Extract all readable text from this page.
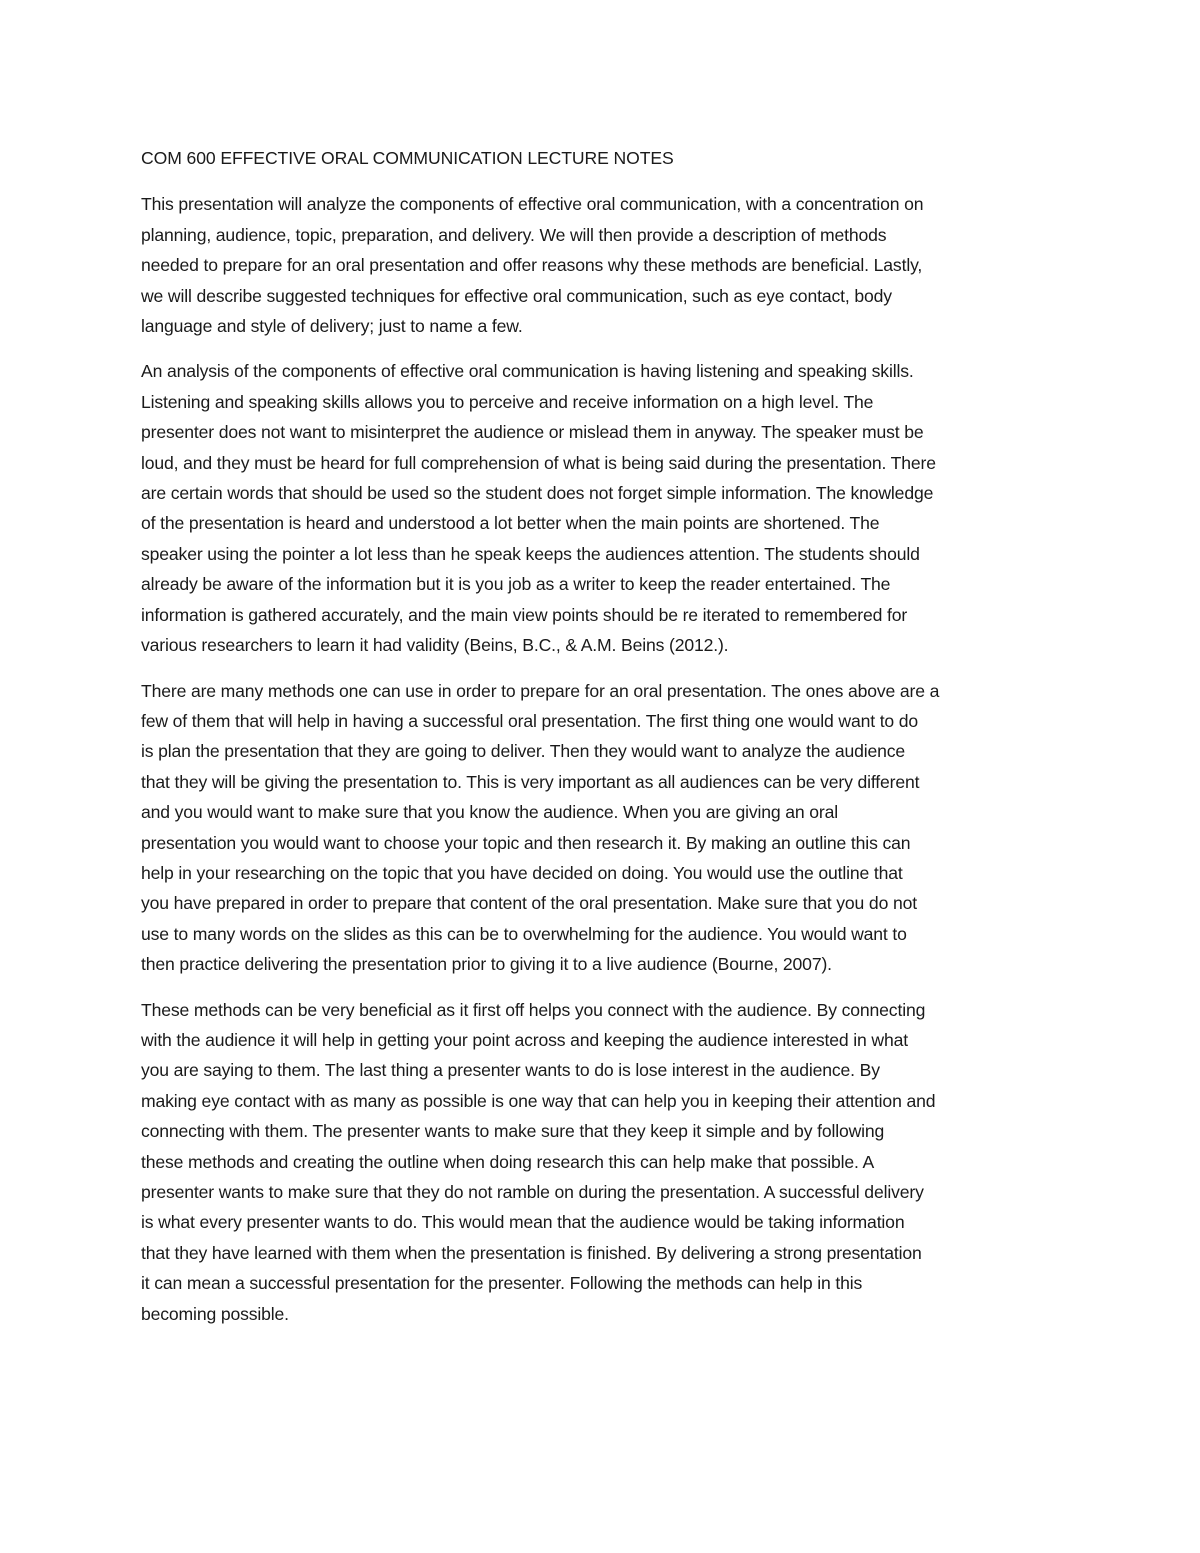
COM 600 EFFECTIVE ORAL COMMUNICATION LECTURE NOTES
This presentation will analyze the components of effective oral communication, with a concentration on
planning, audience, topic, preparation, and delivery. We will then provide a description of methods
needed to prepare for an oral presentation and offer reasons why these methods are beneficial. Lastly,
we will describe suggested techniques for effective oral communication, such as eye contact, body
language and style of delivery; just to name a few.
An analysis of the components of effective oral communication is having listening and speaking skills.
Listening and speaking skills allows you to perceive and receive information on a high level. The
presenter does not want to misinterpret the audience or mislead them in anyway. The speaker must be
loud, and they must be heard for full comprehension of what is being said during the presentation. There
are certain words that should be used so the student does not forget simple information. The knowledge
of the presentation is heard and understood a lot better when the main points are shortened. The
speaker using the pointer a lot less than he speak keeps the audiences attention. The students should
already be aware of the information but it is you job as a writer to keep the reader entertained. The
information is gathered accurately, and the main view points should be re iterated to remembered for
various researchers to learn it had validity (Beins, B.C., & A.M. Beins (2012.).
There are many methods one can use in order to prepare for an oral presentation. The ones above are a
few of them that will help in having a successful oral presentation. The first thing one would want to do
is plan the presentation that they are going to deliver. Then they would want to analyze the audience
that they will be giving the presentation to. This is very important as all audiences can be very different
and you would want to make sure that you know the audience. When you are giving an oral
presentation you would want to choose your topic and then research it. By making an outline this can
help in your researching on the topic that you have decided on doing. You would use the outline that
you have prepared in order to prepare that content of the oral presentation. Make sure that you do not
use to many words on the slides as this can be to overwhelming for the audience. You would want to
then practice delivering the presentation prior to giving it to a live audience (Bourne, 2007).
These methods can be very beneficial as it first off helps you connect with the audience. By connecting
with the audience it will help in getting your point across and keeping the audience interested in what
you are saying to them. The last thing a presenter wants to do is lose interest in the audience. By
making eye contact with as many as possible is one way that can help you in keeping their attention and
connecting with them. The presenter wants to make sure that they keep it simple and by following
these methods and creating the outline when doing research this can help make that possible. A
presenter wants to make sure that they do not ramble on during the presentation. A successful delivery
is what every presenter wants to do. This would mean that the audience would be taking information
that they have learned with them when the presentation is finished. By delivering a strong presentation
it can mean a successful presentation for the presenter. Following the methods can help in this
becoming possible.
